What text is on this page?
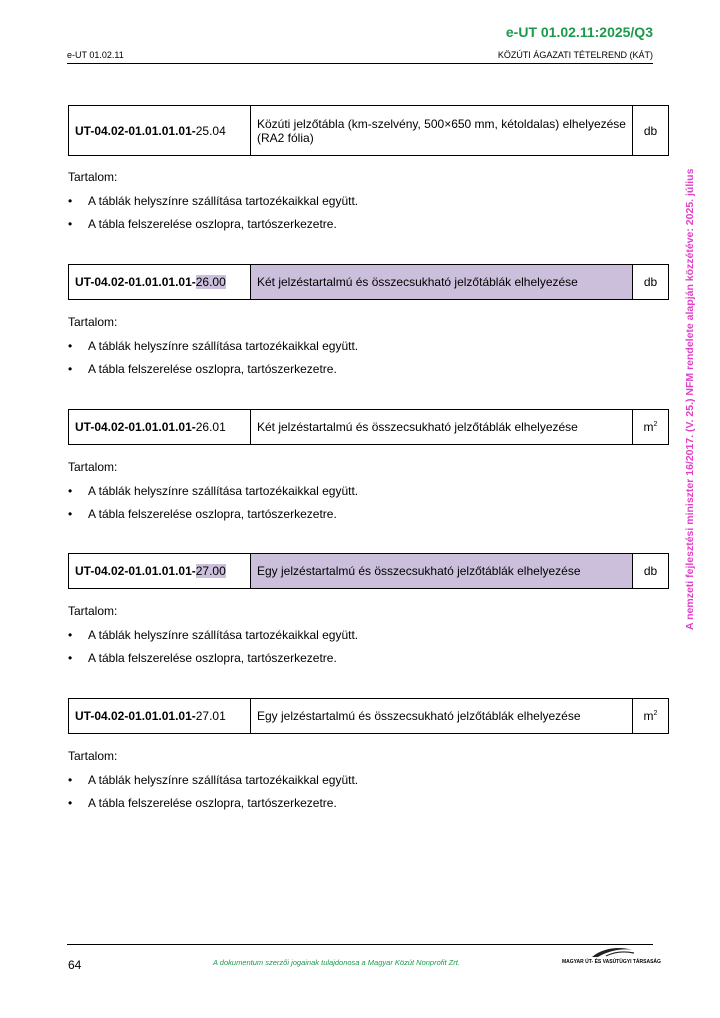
e-UT 01.02.11:2025/Q3
e-UT 01.02.11	KÖZÚTI ÁGAZATI TÉTELREND (KÁT)
A nemzeti fejlesztési miniszter 16/2017. (V. 25.) NFM rendelete alapján közzétéve: 2025. július
UT-04.02-01.01.01.01-25.04	Közúti jelzőtábla (km-szelvény, 500×650 mm, kétoldalas) elhelyezése (RA2 fólia)	db
Tartalom:
• A táblák helyszínre szállítása tartozékaikkal együtt.
• A tábla felszerelése oszlopra, tartószerkezetre.
UT-04.02-01.01.01.01-26.00	Két jelzéstartalmú és összecsukható jelzőtáblák elhelyezése	db
Tartalom:
• A táblák helyszínre szállítása tartozékaikkal együtt.
• A tábla felszerelése oszlopra, tartószerkezetre.
UT-04.02-01.01.01.01-26.01	Két jelzéstartalmú és összecsukható jelzőtáblák elhelyezése	$m^2$
Tartalom:
• A táblák helyszínre szállítása tartozékaikkal együtt.
• A tábla felszerelése oszlopra, tartószerkezetre.
UT-04.02-01.01.01.01-27.00	Egy jelzéstartalmú és összecsukható jelzőtáblák elhelyezése	db
Tartalom:
• A táblák helyszínre szállítása tartozékaikkal együtt.
• A tábla felszerelése oszlopra, tartószerkezetre.
UT-04.02-01.01.01.01-27.01	Egy jelzéstartalmú és összecsukható jelzőtáblák elhelyezése	$m^2$
Tartalom:
• A táblák helyszínre szállítása tartozékaikkal együtt.
• A tábla felszerelése oszlopra, tartószerkezetre.
64	A dokumentum szerzői jogainak tulajdonosa a Magyar Közút Nonprofit Zrt.	MAGYAR ÚT- ÉS VASÚTÜGYI TÁRSASÁG
